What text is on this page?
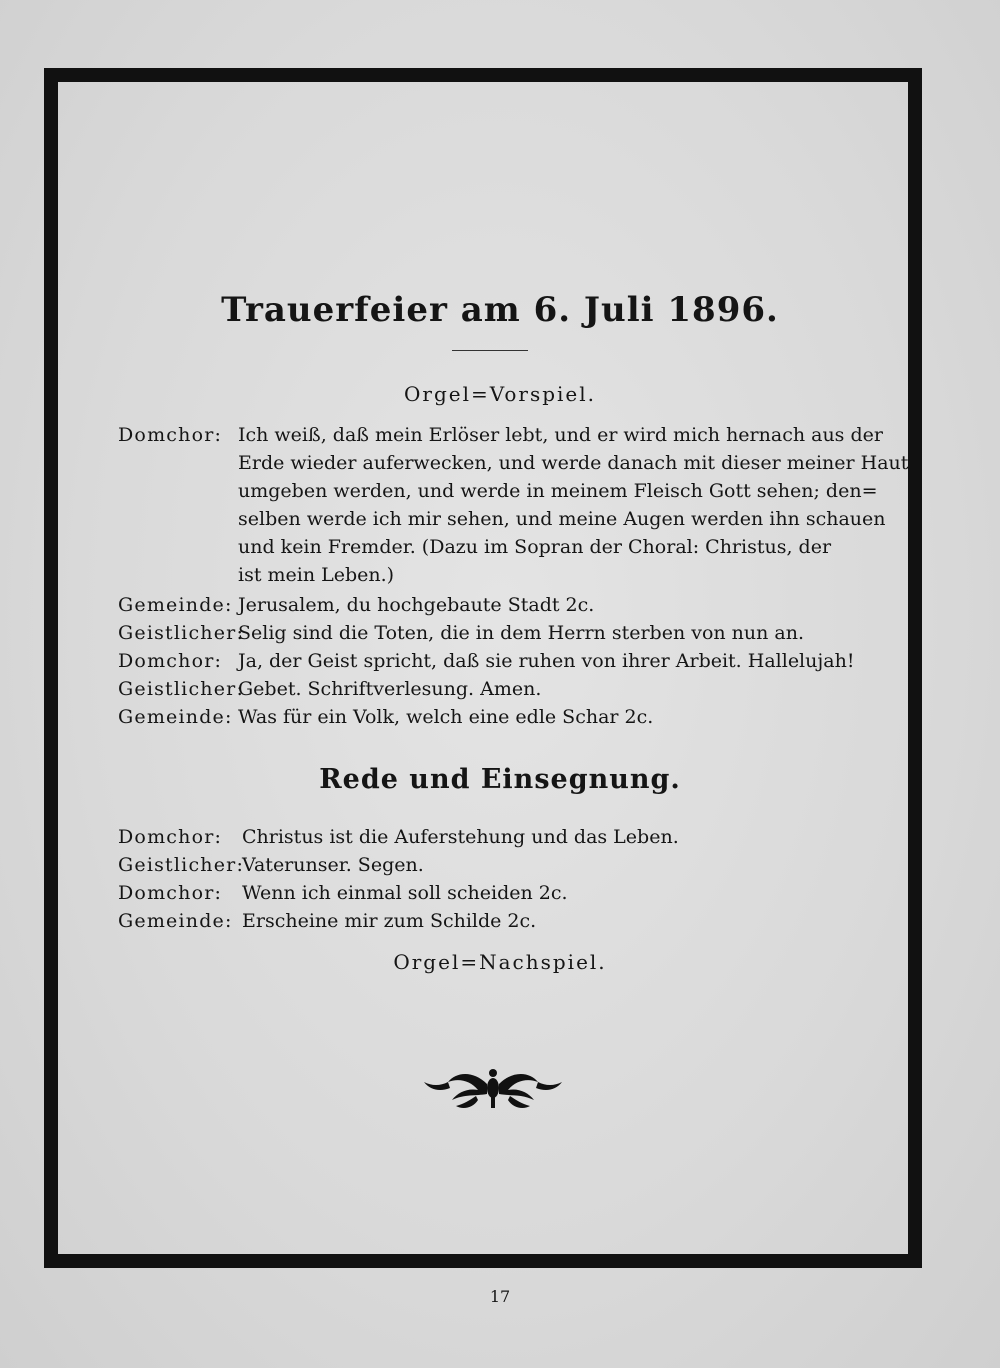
Trauerfeier am 6. Juli 1896.
Orgel=Vorspiel.
Domchor: Ich weiß, daß mein Erlöser lebt, und er wird mich hernach aus der
Erde wieder auferwecken, und werde danach mit dieser meiner Haut
umgeben werden, und werde in meinem Fleisch Gott sehen; den=
selben werde ich mir sehen, und meine Augen werden ihn schauen
und kein Fremder. (Dazu im Sopran der Choral: Christus, der
ist mein Leben.)
Gemeinde: Jerusalem, du hochgebaute Stadt 2c.
Geistlicher:
Selig sind die Toten, die in dem Herrn sterben von nun an.
Domchor: Ja, der Geist spricht, daß sie ruhen von ihrer Arbeit. Hallelujah!
Geistlicher:
Gebet. Schriftverlesung. Amen.
Gemeinde: Was für ein Volk, welch eine edle Schar 2c.
Rede und Einsegnung.
Domchor: Christus ist die Auferstehung und das Leben.
Geistlicher:
Vaterunser. Segen.
Domchor: Wenn ich einmal soll scheiden 2c.
Gemeinde: Erscheine mir zum Schilde 2c.
Orgel=Nachspiel.
17
